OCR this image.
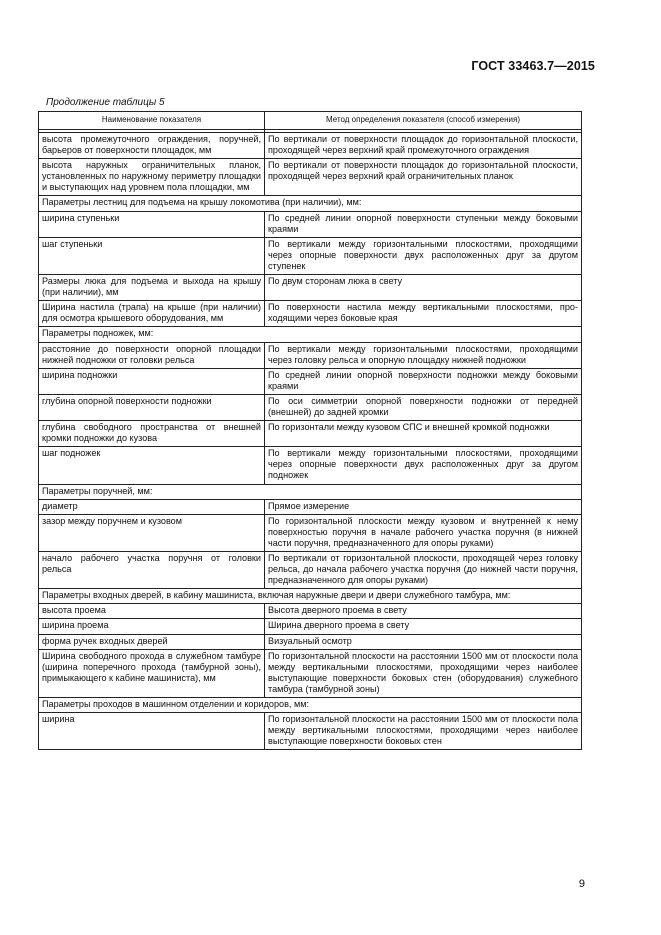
ГОСТ 33463.7—2015
Продолжение таблицы 5
Наименование показателя	Метод определения показателя (способ измерения)

высота промежуточного ограждения, поручней, барьеров от поверхности площадок, мм	По вертикали от поверхности площадок до горизонтальной плоскости, проходящей через верхний край промежуточного ограждения
высота наружных ограничительных планок, установленных по наружному периметру площадки и выступающих над уровнем пола площадки, мм	По вертикали от поверхности площадок до горизонтальной плоскости, проходящей через верхний край ограничительных планок
Параметры лестниц для подъема на крышу локомотива (при наличии), мм:	
ширина ступеньки	По средней линии опорной поверхности ступеньки между боковыми краями
шаг ступеньки	По вертикали между горизонтальными плоскостями, проходящими через опорные поверхности двух расположенных друг за другом ступенек
Размеры люка для подъема и выхода на крышу (при наличии), мм	По двум сторонам люка в свету
Ширина настила (трапа) на крыше (при наличии) для осмотра крышевого оборудования, мм	По поверхности настила между вертикальными плоскостями, проходящими через боковые края
Параметры подножек, мм:	
расстояние до поверхности опорной площадки нижней подножки от головки рельса	По вертикали между горизонтальными плоскостями, проходящими через головку рельса и опорную площадку нижней подножки
ширина подножки	По средней линии опорной поверхности подножки между боковыми краями
глубина опорной поверхности подножки	По оси симметрии опорной поверхности подножки от передней (внешней) до задней кромки
глубина свободного пространства от внешней кромки подножки до кузова	По горизонтали между кузовом СПС и внешней кромкой подножки
шаг подножек	По вертикали между горизонтальными плоскостями, проходящими через опорные поверхности двух расположенных друг за другом подножек
Параметры поручней, мм:	
диаметр	Прямое измерение
зазор между поручнем и кузовом	По горизонтальной плоскости между кузовом и внутренней к нему поверхностью поручня в начале рабочего участка поручня (в нижней части поручня, предназначенного для опоры руками)
начало рабочего участка поручня от головки рельса	По вертикали от горизонтальной плоскости, проходящей через головку рельса, до начала рабочего участка поручня (до нижней части поручня, предназначенного для опоры руками)
Параметры входных дверей, в кабину машиниста, включая наружные двери и двери служебного тамбура, мм:	
высота проема	Высота дверного проема в свету
ширина проема	Ширина дверного проема в свету
форма ручек входных дверей	Визуальный осмотр
Ширина свободного прохода в служебном тамбуре (ширина поперечного прохода (тамбурной зоны), примыкающего к кабине машиниста), мм	По горизонтальной плоскости на расстоянии 1500 мм от плоскости пола между вертикальными плоскостями, проходящими через наиболее выступающие поверхности боковых стен (оборудования) служебного тамбура (тамбурной зоны)
Параметры проходов в машинном отделении и коридоров, мм:	
ширина	По горизонтальной плоскости на расстоянии 1500 мм от плоскости пола между вертикальными плоскостями, проходящими через наиболее выступающие поверхности боковых стен
9
